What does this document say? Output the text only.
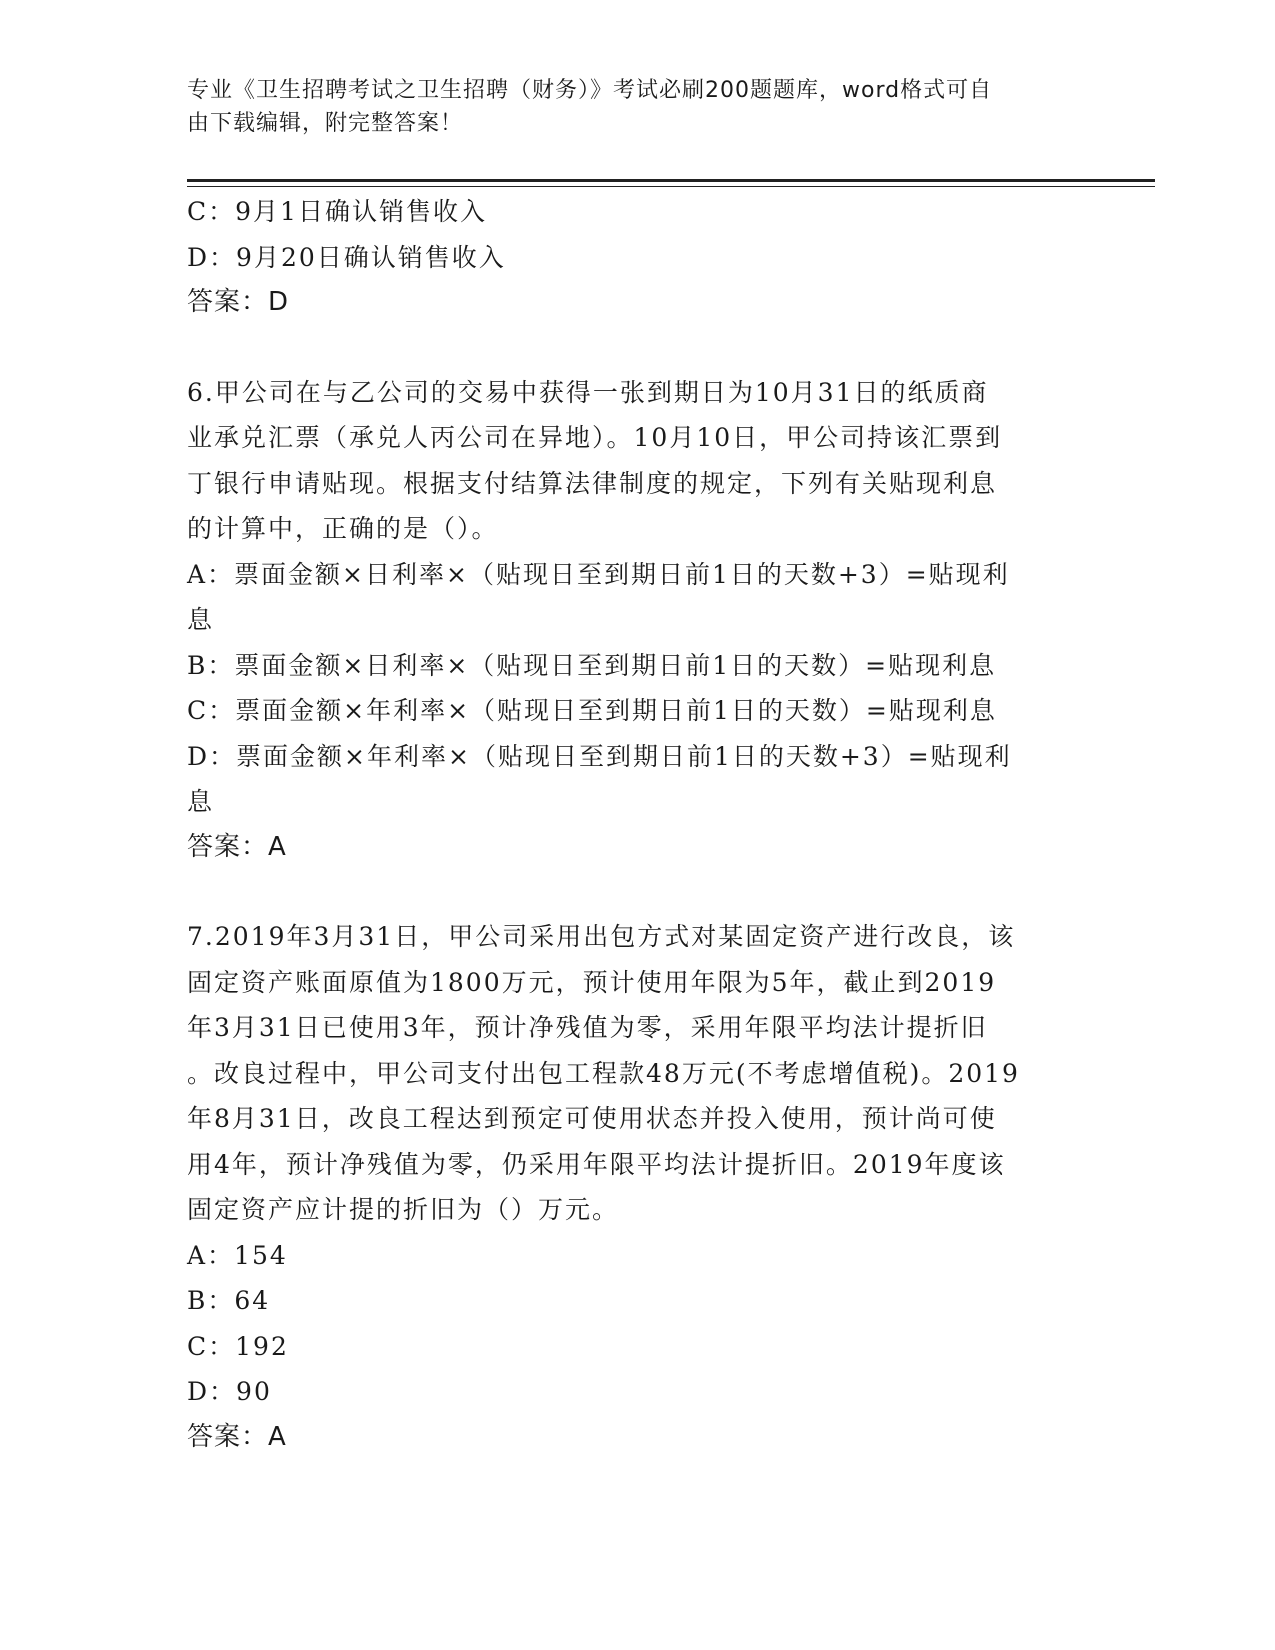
专业《卫生招聘考试之卫生招聘（财务）》考试必刷200题题库，word格式可自
由下载编辑，附完整答案！
C：9月1日确认销售收入
D：9月20日确认销售收入
答案：D
6.甲公司在与乙公司的交易中获得一张到期日为10月31日的纸质商
业承兑汇票（承兑人丙公司在异地）。10月10日，甲公司持该汇票到
丁银行申请贴现。根据支付结算法律制度的规定，下列有关贴现利息
的计算中，正确的是（）。
A：票面金额×日利率×（贴现日至到期日前1日的天数+3）=贴现利
息
B：票面金额×日利率×（贴现日至到期日前1日的天数）=贴现利息
C：票面金额×年利率×（贴现日至到期日前1日的天数）=贴现利息
D：票面金额×年利率×（贴现日至到期日前1日的天数+3）=贴现利
息
答案：A
7.2019年3月31日，甲公司采用出包方式对某固定资产进行改良，该
固定资产账面原值为1800万元，预计使用年限为5年，截止到2019
年3月31日已使用3年，预计净残值为零，采用年限平均法计提折旧
。改良过程中，甲公司支付出包工程款48万元(不考虑增值税)。2019
年8月31日，改良工程达到预定可使用状态并投入使用，预计尚可使
用4年，预计净残值为零，仍采用年限平均法计提折旧。2019年度该
固定资产应计提的折旧为（）万元。
A：154
B：64
C：192
D：90
答案：A
